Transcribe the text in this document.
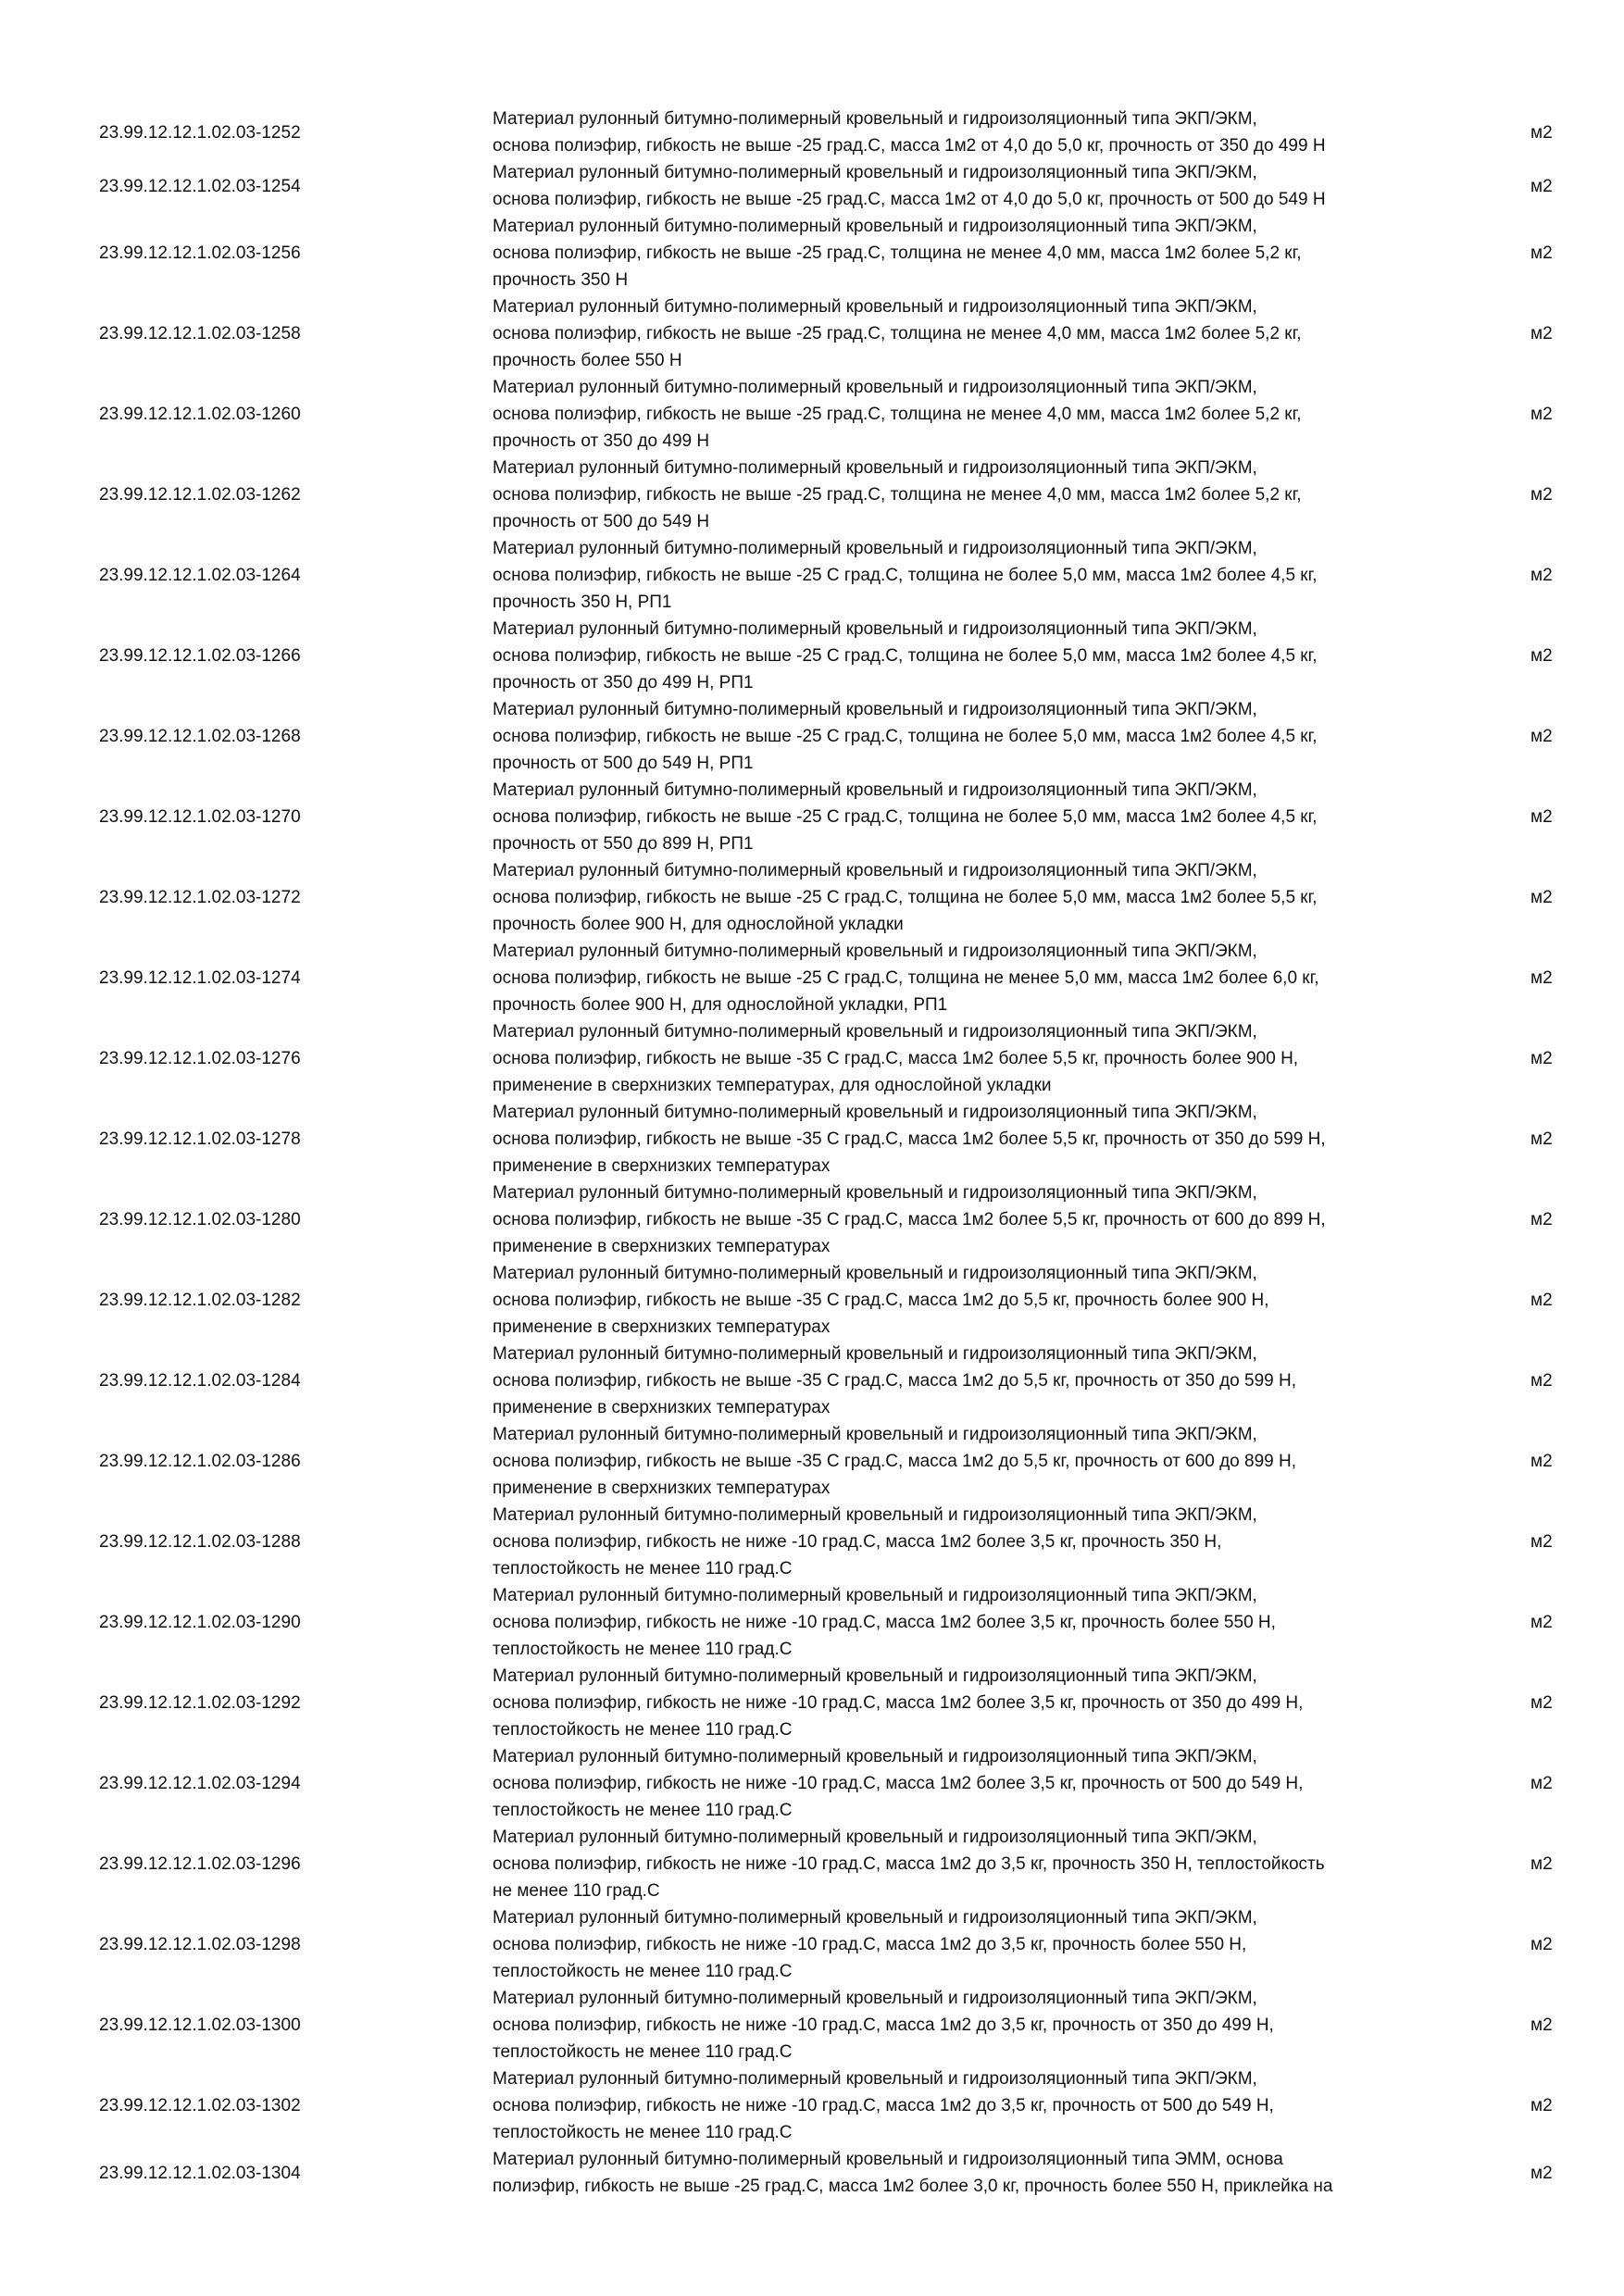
23.99.12.12.1.02.03-1252
Материал рулонный битумно-полимерный кровельный и гидроизоляционный типа ЭКП/ЭКМ,
основа полиэфир, гибкость не выше -25 град.С, масса 1м2 от 4,0 до 5,0 кг, прочность от 350 до 499 Н
м2
23.99.12.12.1.02.03-1254
Материал рулонный битумно-полимерный кровельный и гидроизоляционный типа ЭКП/ЭКМ,
основа полиэфир, гибкость не выше -25 град.С, масса 1м2 от 4,0 до 5,0 кг, прочность от 500 до 549 Н
м2
23.99.12.12.1.02.03-1256
Материал рулонный битумно-полимерный кровельный и гидроизоляционный типа ЭКП/ЭКМ,
основа полиэфир, гибкость не выше -25 град.С, толщина не менее 4,0 мм, масса 1м2 более 5,2 кг,
прочность 350 Н
м2
23.99.12.12.1.02.03-1258
Материал рулонный битумно-полимерный кровельный и гидроизоляционный типа ЭКП/ЭКМ,
основа полиэфир, гибкость не выше -25 град.С, толщина не менее 4,0 мм, масса 1м2 более 5,2 кг,
прочность более 550 Н
м2
23.99.12.12.1.02.03-1260
Материал рулонный битумно-полимерный кровельный и гидроизоляционный типа ЭКП/ЭКМ,
основа полиэфир, гибкость не выше -25 град.С, толщина не менее 4,0 мм, масса 1м2 более 5,2 кг,
прочность от 350 до 499 Н
м2
23.99.12.12.1.02.03-1262
Материал рулонный битумно-полимерный кровельный и гидроизоляционный типа ЭКП/ЭКМ,
основа полиэфир, гибкость не выше -25 град.С, толщина не менее 4,0 мм, масса 1м2 более 5,2 кг,
прочность от 500 до 549 Н
м2
23.99.12.12.1.02.03-1264
Материал рулонный битумно-полимерный кровельный и гидроизоляционный типа ЭКП/ЭКМ,
основа полиэфир, гибкость не выше -25 С град.С, толщина не более 5,0 мм, масса 1м2 более 4,5 кг,
прочность 350 Н, РП1
м2
23.99.12.12.1.02.03-1266
Материал рулонный битумно-полимерный кровельный и гидроизоляционный типа ЭКП/ЭКМ,
основа полиэфир, гибкость не выше -25 С град.С, толщина не более 5,0 мм, масса 1м2 более 4,5 кг,
прочность от 350 до 499 Н, РП1
м2
23.99.12.12.1.02.03-1268
Материал рулонный битумно-полимерный кровельный и гидроизоляционный типа ЭКП/ЭКМ,
основа полиэфир, гибкость не выше -25 С град.С, толщина не более 5,0 мм, масса 1м2 более 4,5 кг,
прочность от 500 до 549 Н, РП1
м2
23.99.12.12.1.02.03-1270
Материал рулонный битумно-полимерный кровельный и гидроизоляционный типа ЭКП/ЭКМ,
основа полиэфир, гибкость не выше -25 С град.С, толщина не более 5,0 мм, масса 1м2 более 4,5 кг,
прочность от 550 до 899 Н, РП1
м2
23.99.12.12.1.02.03-1272
Материал рулонный битумно-полимерный кровельный и гидроизоляционный типа ЭКП/ЭКМ,
основа полиэфир, гибкость не выше -25 С град.С, толщина не более 5,0 мм, масса 1м2 более 5,5 кг,
прочность более 900 Н, для однослойной укладки
м2
23.99.12.12.1.02.03-1274
Материал рулонный битумно-полимерный кровельный и гидроизоляционный типа ЭКП/ЭКМ,
основа полиэфир, гибкость не выше -25 С град.С, толщина не менее 5,0 мм, масса 1м2 более 6,0 кг,
прочность более 900 Н, для однослойной укладки, РП1
м2
23.99.12.12.1.02.03-1276
Материал рулонный битумно-полимерный кровельный и гидроизоляционный типа ЭКП/ЭКМ,
основа полиэфир, гибкость не выше -35 С град.С, масса 1м2 более 5,5 кг, прочность более 900 Н,
применение в сверхнизких температурах, для однослойной укладки
м2
23.99.12.12.1.02.03-1278
Материал рулонный битумно-полимерный кровельный и гидроизоляционный типа ЭКП/ЭКМ,
основа полиэфир, гибкость не выше -35 С град.С, масса 1м2 более 5,5 кг, прочность от 350 до 599 Н,
применение в сверхнизких температурах
м2
23.99.12.12.1.02.03-1280
Материал рулонный битумно-полимерный кровельный и гидроизоляционный типа ЭКП/ЭКМ,
основа полиэфир, гибкость не выше -35 С град.С, масса 1м2 более 5,5 кг, прочность от 600 до 899 Н,
применение в сверхнизких температурах
м2
23.99.12.12.1.02.03-1282
Материал рулонный битумно-полимерный кровельный и гидроизоляционный типа ЭКП/ЭКМ,
основа полиэфир, гибкость не выше -35 С град.С, масса 1м2 до 5,5 кг, прочность более 900 Н,
применение в сверхнизких температурах
м2
23.99.12.12.1.02.03-1284
Материал рулонный битумно-полимерный кровельный и гидроизоляционный типа ЭКП/ЭКМ,
основа полиэфир, гибкость не выше -35 С град.С, масса 1м2 до 5,5 кг, прочность от 350 до 599 Н,
применение в сверхнизких температурах
м2
23.99.12.12.1.02.03-1286
Материал рулонный битумно-полимерный кровельный и гидроизоляционный типа ЭКП/ЭКМ,
основа полиэфир, гибкость не выше -35 С град.С, масса 1м2 до 5,5 кг, прочность от 600 до 899 Н,
применение в сверхнизких температурах
м2
23.99.12.12.1.02.03-1288
Материал рулонный битумно-полимерный кровельный и гидроизоляционный типа ЭКП/ЭКМ,
основа полиэфир, гибкость не ниже -10 град.С, масса 1м2 более 3,5 кг, прочность 350 Н,
теплостойкость не менее 110 град.С
м2
23.99.12.12.1.02.03-1290
Материал рулонный битумно-полимерный кровельный и гидроизоляционный типа ЭКП/ЭКМ,
основа полиэфир, гибкость не ниже -10 град.С, масса 1м2 более 3,5 кг, прочность более 550 Н,
теплостойкость не менее 110 град.С
м2
23.99.12.12.1.02.03-1292
Материал рулонный битумно-полимерный кровельный и гидроизоляционный типа ЭКП/ЭКМ,
основа полиэфир, гибкость не ниже -10 град.С, масса 1м2 более 3,5 кг, прочность от 350 до 499 Н,
теплостойкость не менее 110 град.С
м2
23.99.12.12.1.02.03-1294
Материал рулонный битумно-полимерный кровельный и гидроизоляционный типа ЭКП/ЭКМ,
основа полиэфир, гибкость не ниже -10 град.С, масса 1м2 более 3,5 кг, прочность от 500 до 549 Н,
теплостойкость не менее 110 град.С
м2
23.99.12.12.1.02.03-1296
Материал рулонный битумно-полимерный кровельный и гидроизоляционный типа ЭКП/ЭКМ,
основа полиэфир, гибкость не ниже -10 град.С, масса 1м2 до 3,5 кг, прочность 350 Н, теплостойкость
не менее 110 град.С
м2
23.99.12.12.1.02.03-1298
Материал рулонный битумно-полимерный кровельный и гидроизоляционный типа ЭКП/ЭКМ,
основа полиэфир, гибкость не ниже -10 град.С, масса 1м2 до 3,5 кг, прочность более 550 Н,
теплостойкость не менее 110 град.С
м2
23.99.12.12.1.02.03-1300
Материал рулонный битумно-полимерный кровельный и гидроизоляционный типа ЭКП/ЭКМ,
основа полиэфир, гибкость не ниже -10 град.С, масса 1м2 до 3,5 кг, прочность от 350 до 499 Н,
теплостойкость не менее 110 град.С
м2
23.99.12.12.1.02.03-1302
Материал рулонный битумно-полимерный кровельный и гидроизоляционный типа ЭКП/ЭКМ,
основа полиэфир, гибкость не ниже -10 град.С, масса 1м2 до 3,5 кг, прочность от 500 до 549 Н,
теплостойкость не менее 110 град.С
м2
23.99.12.12.1.02.03-1304
Материал рулонный битумно-полимерный кровельный и гидроизоляционный типа ЭММ, основа
полиэфир, гибкость не выше -25 град.С, масса 1м2 более 3,0 кг, прочность более 550 Н, приклейка на
м2
